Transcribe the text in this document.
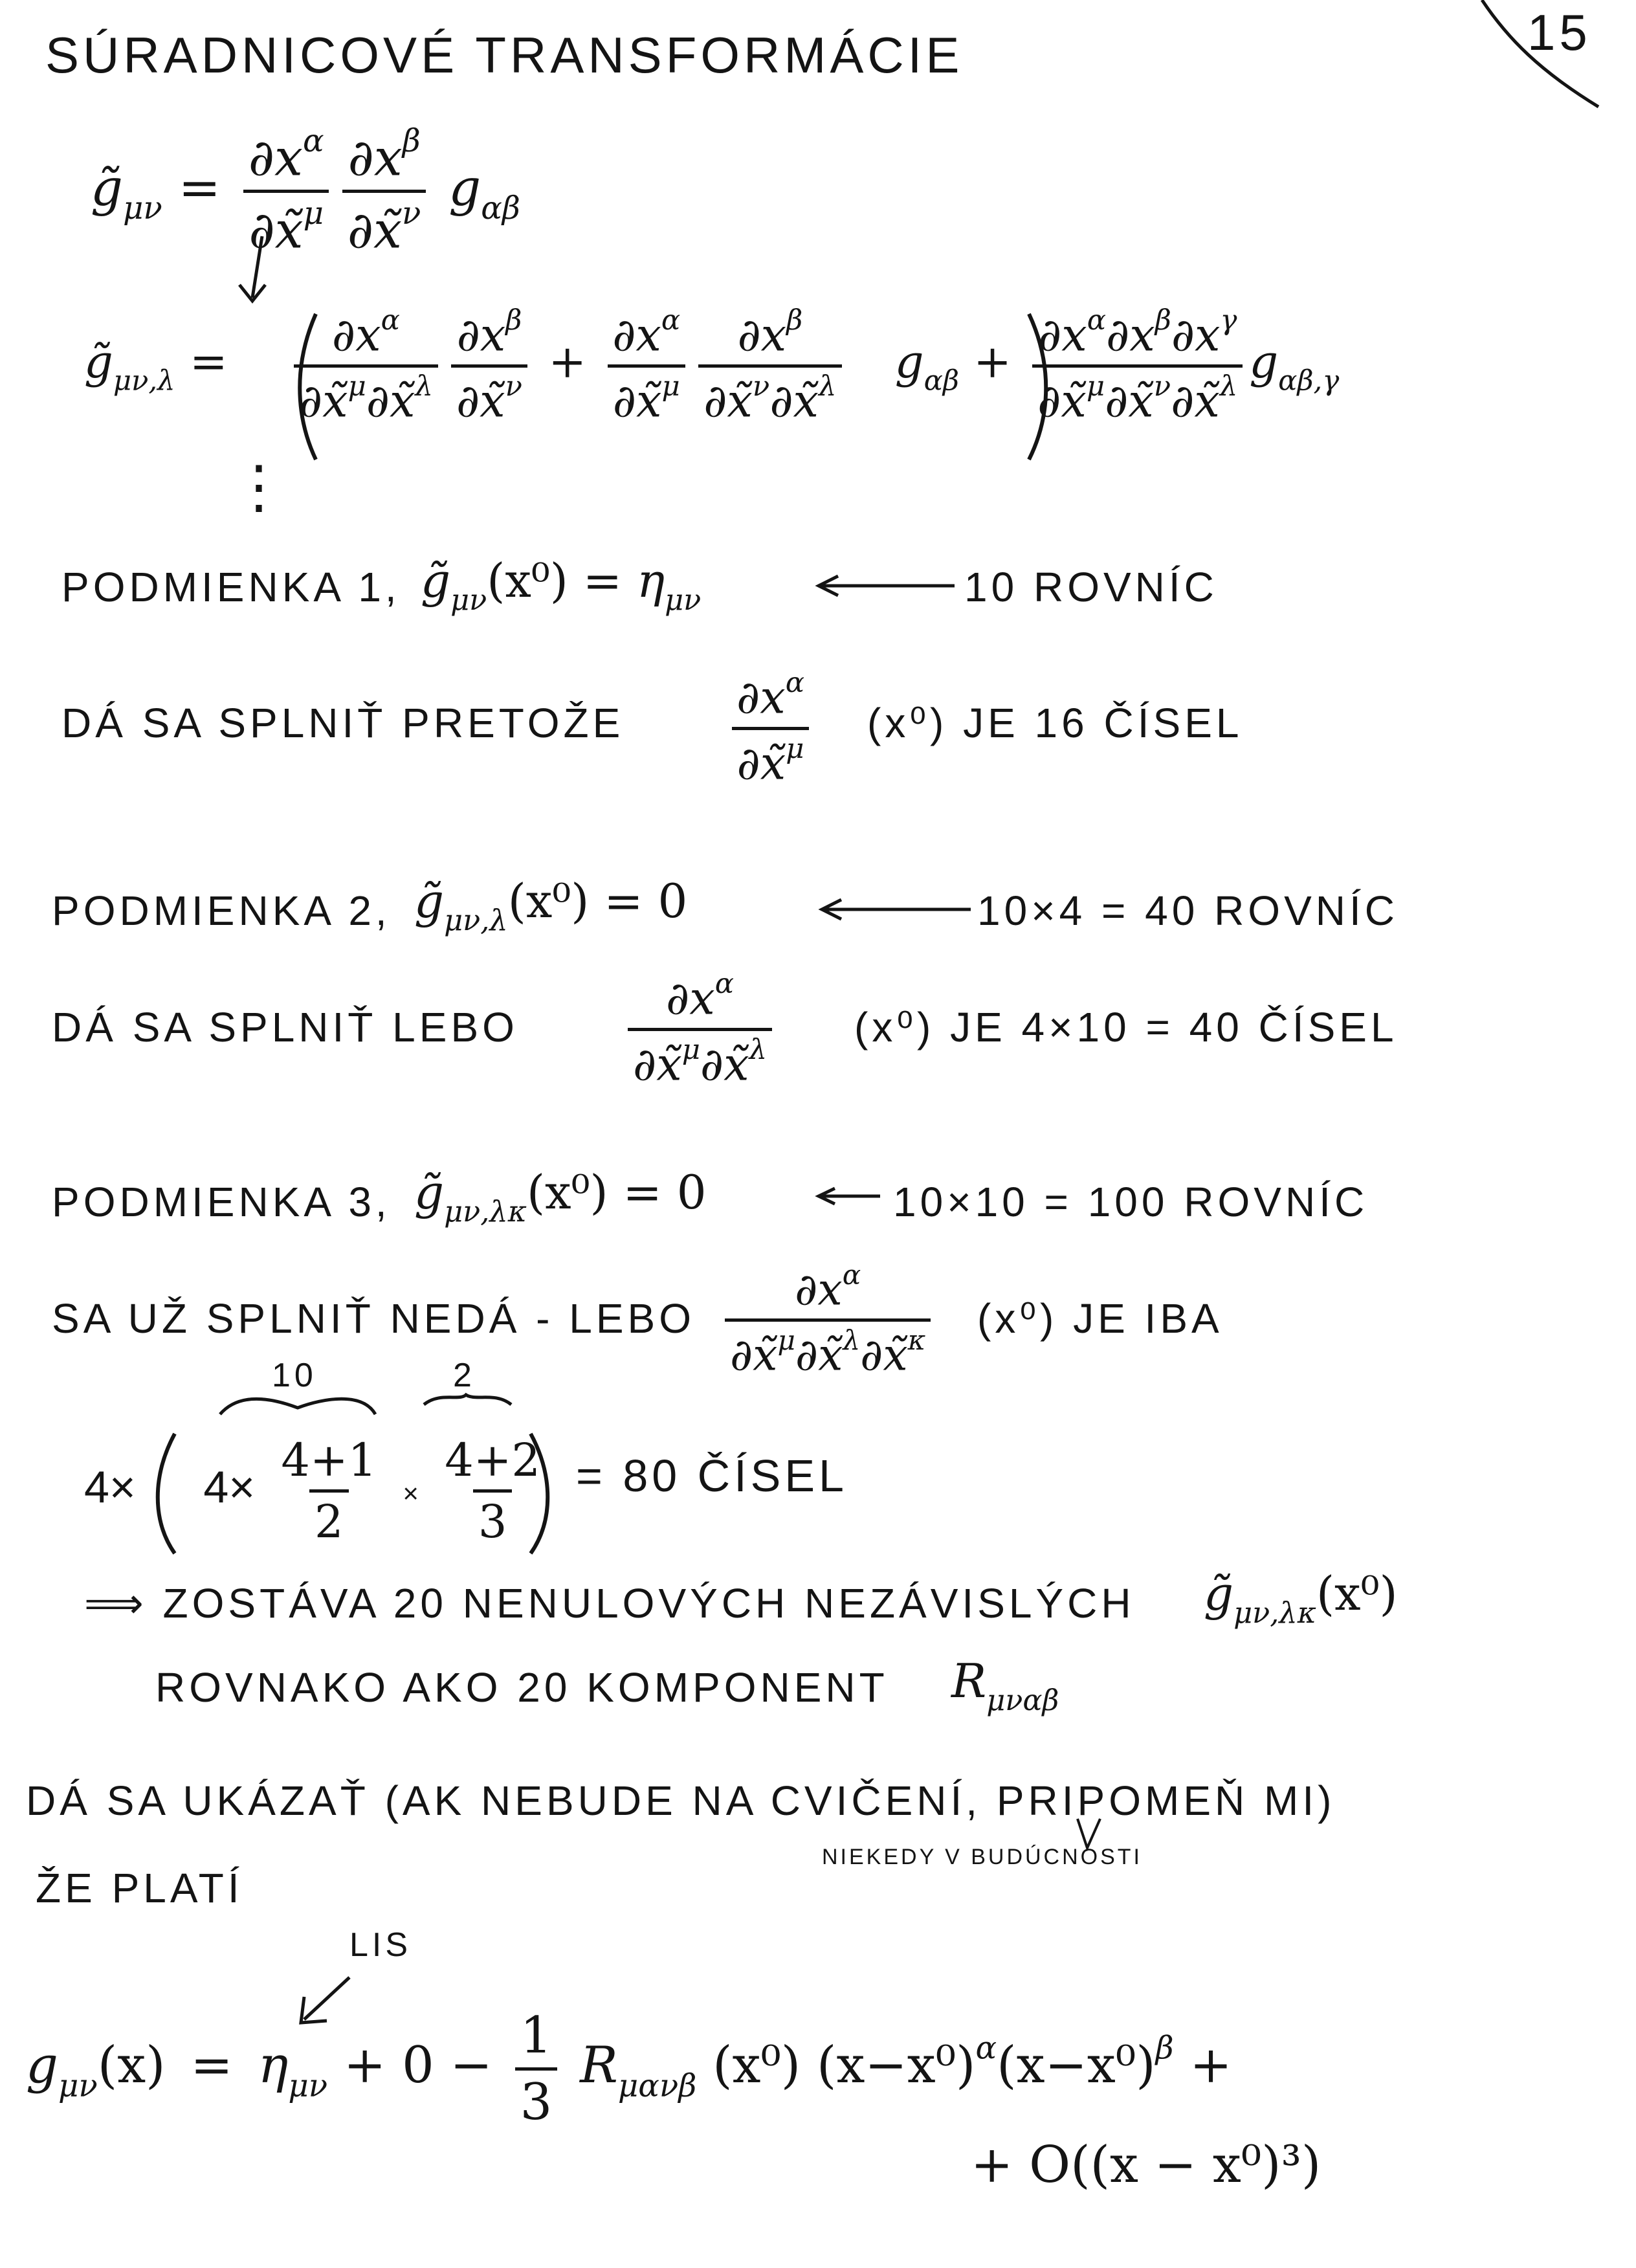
SÚRADNICOVÉ TRANSFORMÁCIE	15
$g̃_{\mu\nu} = \frac{\partial x^\alpha}{\partial x̃^\mu} \frac{\partial x^\beta}{\partial x̃^\nu} g_{\alpha\beta}$
$g̃_{\mu\nu,\lambda} = \frac{\partial x^\alpha}{\partial x̃^\mu\partial x̃^\lambda} \frac{\partial x^\beta}{\partial x̃^\nu} + \frac{\partial x^\alpha}{\partial x̃^\mu} \frac{\partial x^\beta}{\partial x̃^\nu\partial x̃^\lambda} g_{\alpha\beta} + \frac{\partial x^\alpha\partial x^\beta\partial x^\gamma}{\partial x̃^\mu\partial x̃^\nu\partial x̃^\lambda} g_{\alpha\beta,\gamma}$
⋮
PODMIENKA 1, $g̃_{\mu\nu}(x^0) = \eta_{\mu\nu}$	10 ROVNÍC
DÁ SA SPLNIŤ PRETOŽE $\frac{\partial x^\alpha}{\partial x̃^\mu} (x^0)$ JE 16 ČÍSEL
PODMIENKA 2, $g̃_{\mu\nu,\lambda}(x^0) = 0$	10×4 = 40 ROVNÍC
DÁ SA SPLNIŤ LEBO $\frac{\partial x^\alpha}{\partial x̃^\mu\partial x̃^\lambda} (x^0)$ JE 4×10 = 40 ČÍSEL
PODMIENKA 3, $g̃_{\mu\nu,\lambda\kappa}(x^0) = 0$	10×10 = 100 ROVNÍC
SA UŽ SPLNIŤ NEDÁ - LEBO $\frac{\partial x^\alpha}{\partial x̃^\mu\partial x̃^\lambda\partial x̃^\kappa} (x^0)$ JE IBA
10	2
$4\times 4\times \frac{4+1}{2} \times \frac{4+2}{3} = 80$ ČÍSEL
⟹ ZOSTÁVA 20 NENULOVÝCH NEZÁVISLÝCH $g̃_{\mu\nu,\lambda\kappa}(x^0)$
ROVNAKO AKO 20 KOMPONENT $R_{\mu\nu\alpha\beta}$
DÁ SA UKÁZAŤ (AK NEBUDE NA CVIČENÍ, PRIPOMEŇ MI)
NIEKEDY V BUDÚCNOSTI
ŽE PLATÍ
LIS
$g_{\mu\nu}(x) = \eta_{\mu\nu} + 0 - \frac{1}{3} R_{\mu\alpha\nu\beta}$ (x⁰) $(x-x^0)^\alpha(x-x^0)^\beta$ +
+ O((x − x⁰)³)
